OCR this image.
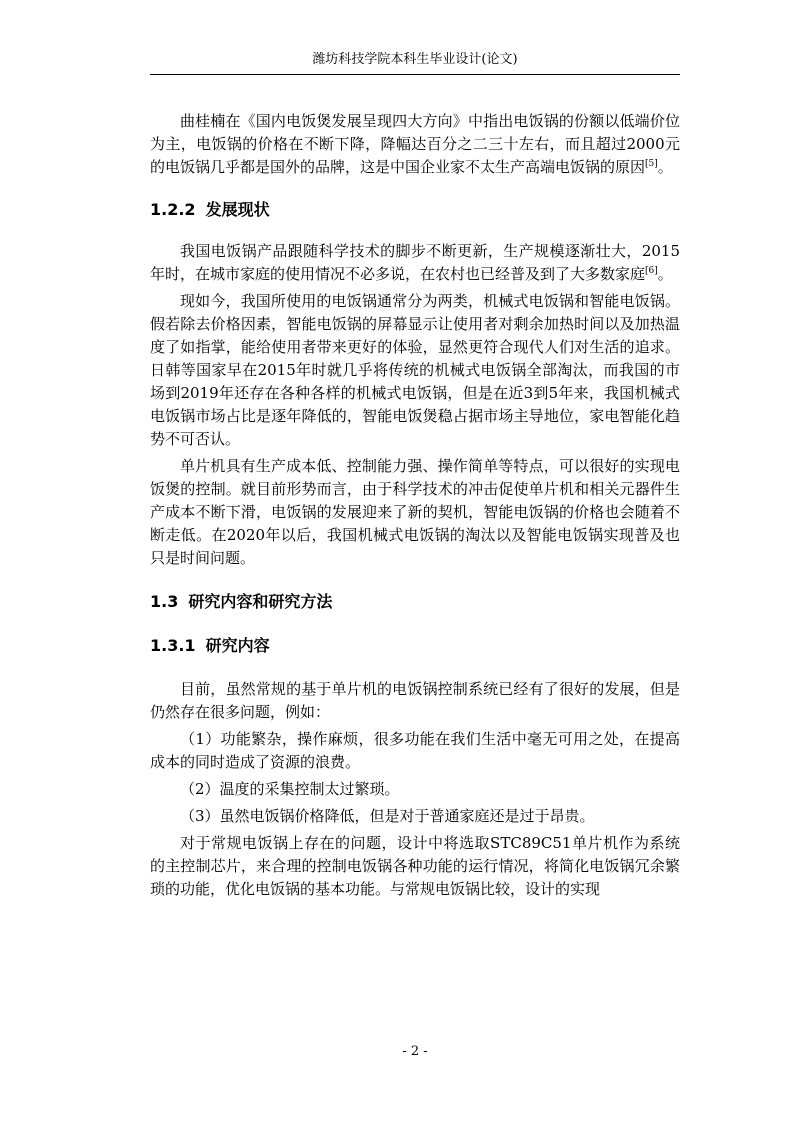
潍坊科技学院本科生毕业设计(论文)

曲桂楠在《国内电饭煲发展呈现四大方向》中指出电饭锅的份额以低端价位为主，电饭锅的价格在不断下降，降幅达百分之二三十左右，而且超过2000元的电饭锅几乎都是国外的品牌，这是中国企业家不太生产高端电饭锅的原因[5]。

1.2.2 发展现状

我国电饭锅产品跟随科学技术的脚步不断更新，生产规模逐渐壮大，2015年时，在城市家庭的使用情况不必多说，在农村也已经普及到了大多数家庭[6]。

现如今，我国所使用的电饭锅通常分为两类，机械式电饭锅和智能电饭锅。假若除去价格因素，智能电饭锅的屏幕显示让使用者对剩余加热时间以及加热温度了如指掌，能给使用者带来更好的体验，显然更符合现代人们对生活的追求。日韩等国家早在2015年时就几乎将传统的机械式电饭锅全部淘汰，而我国的市场到2019年还存在各种各样的机械式电饭锅，但是在近3到5年来，我国机械式电饭锅市场占比是逐年降低的，智能电饭煲稳占据市场主导地位，家电智能化趋势不可否认。

单片机具有生产成本低、控制能力强、操作简单等特点，可以很好的实现电饭煲的控制。就目前形势而言，由于科学技术的冲击促使单片机和相关元器件生产成本不断下滑，电饭锅的发展迎来了新的契机，智能电饭锅的价格也会随着不断走低。在2020年以后，我国机械式电饭锅的淘汰以及智能电饭锅实现普及也只是时间问题。

1.3 研究内容和研究方法
1.3.1 研究内容

目前，虽然常规的基于单片机的电饭锅控制系统已经有了很好的发展，但是仍然存在很多问题，例如：

（1）功能繁杂，操作麻烦，很多功能在我们生活中毫无可用之处，在提高成本的同时造成了资源的浪费。

（2）温度的采集控制太过繁琐。

（3）虽然电饭锅价格降低，但是对于普通家庭还是过于昂贵。

对于常规电饭锅上存在的问题，设计中将选取STC89C51单片机作为系统的主控制芯片，来合理的控制电饭锅各种功能的运行情况，将简化电饭锅冗余繁琐的功能，优化电饭锅的基本功能。与常规电饭锅比较，设计的实现

- 2 -
